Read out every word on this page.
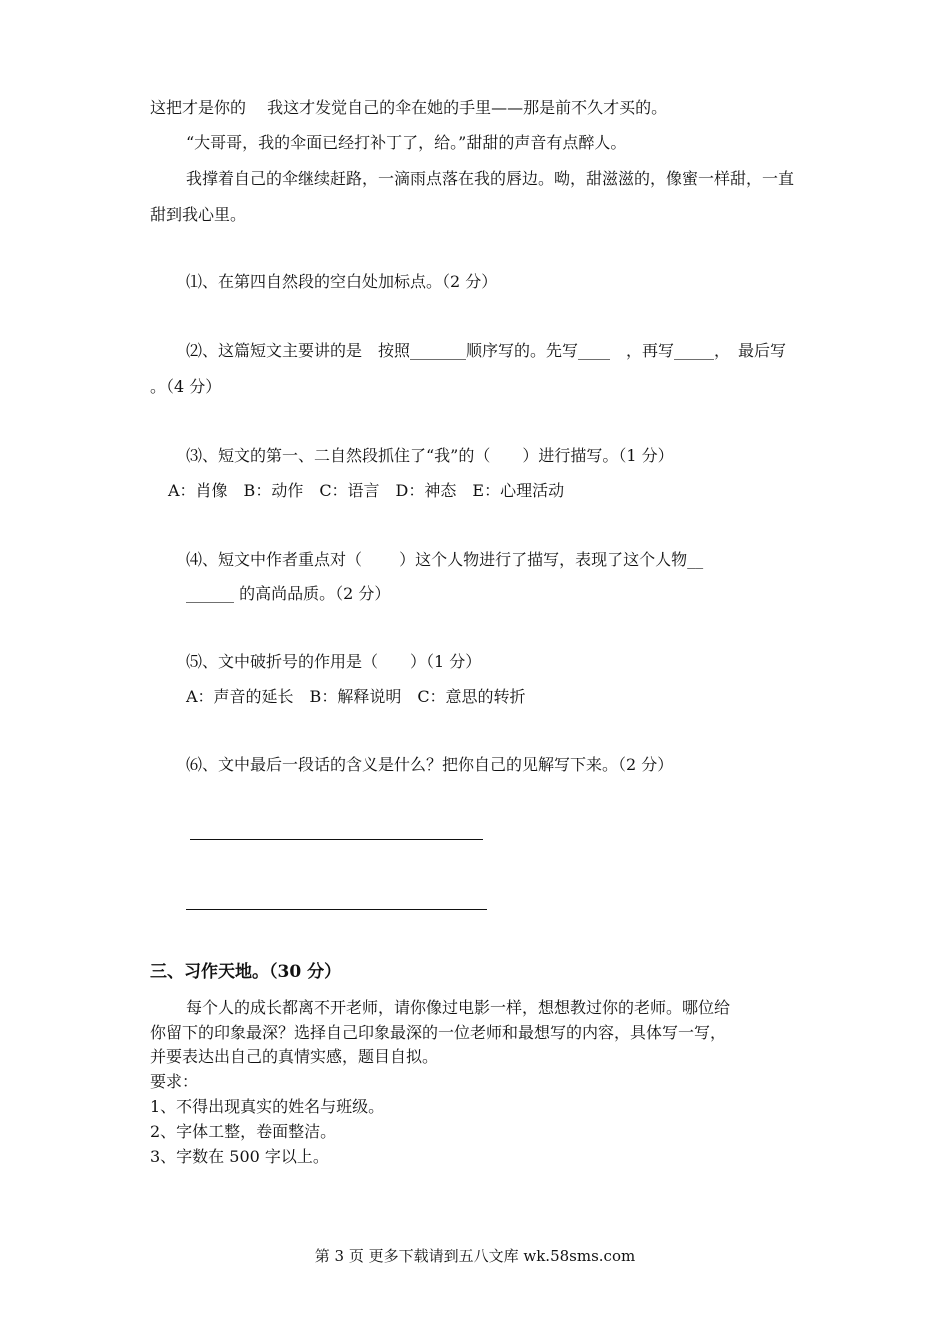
这把才是你的　 我这才发觉自己的伞在她的手里——那是前不久才买的。
“大哥哥，我的伞面已经打补丁了，给。”甜甜的声音有点醉人。
我撑着自己的伞继续赶路，一滴雨点落在我的唇边。呦，甜滋滋的，像蜜一样甜，一直
甜到我心里。
⑴、在第四自然段的空白处加标点。（2 分）
⑵、这篇短文主要讲的是　按照_______顺序写的。先写____　，再写_____，　最后写
。（4 分）
⑶、短文的第一、二自然段抓住了“我”的（　　）进行描写。（1 分）
A：肖像　B：动作　C：语言　D：神态　E：心理活动
⑷、短文中作者重点对（　　 ）这个人物进行了描写，表现了这个人物__
______ 的高尚品质。（2 分）
⑸、文中破折号的作用是（　　）（1 分）
A：声音的延长　B：解释说明　C：意思的转折
⑹、文中最后一段话的含义是什么？把你自己的见解写下来。（2 分）
三、习作天地。（30 分）
每个人的成长都离不开老师，请你像过电影一样，想想教过你的老师。哪位给
你留下的印象最深？选择自己印象最深的一位老师和最想写的内容，具体写一写，
并要表达出自己的真情实感，题目自拟。
要求：
1、不得出现真实的姓名与班级。
2、字体工整，卷面整洁。
3、字数在 500 字以上。
第 3 页 更多下载请到五八文库 wk.58sms.com
